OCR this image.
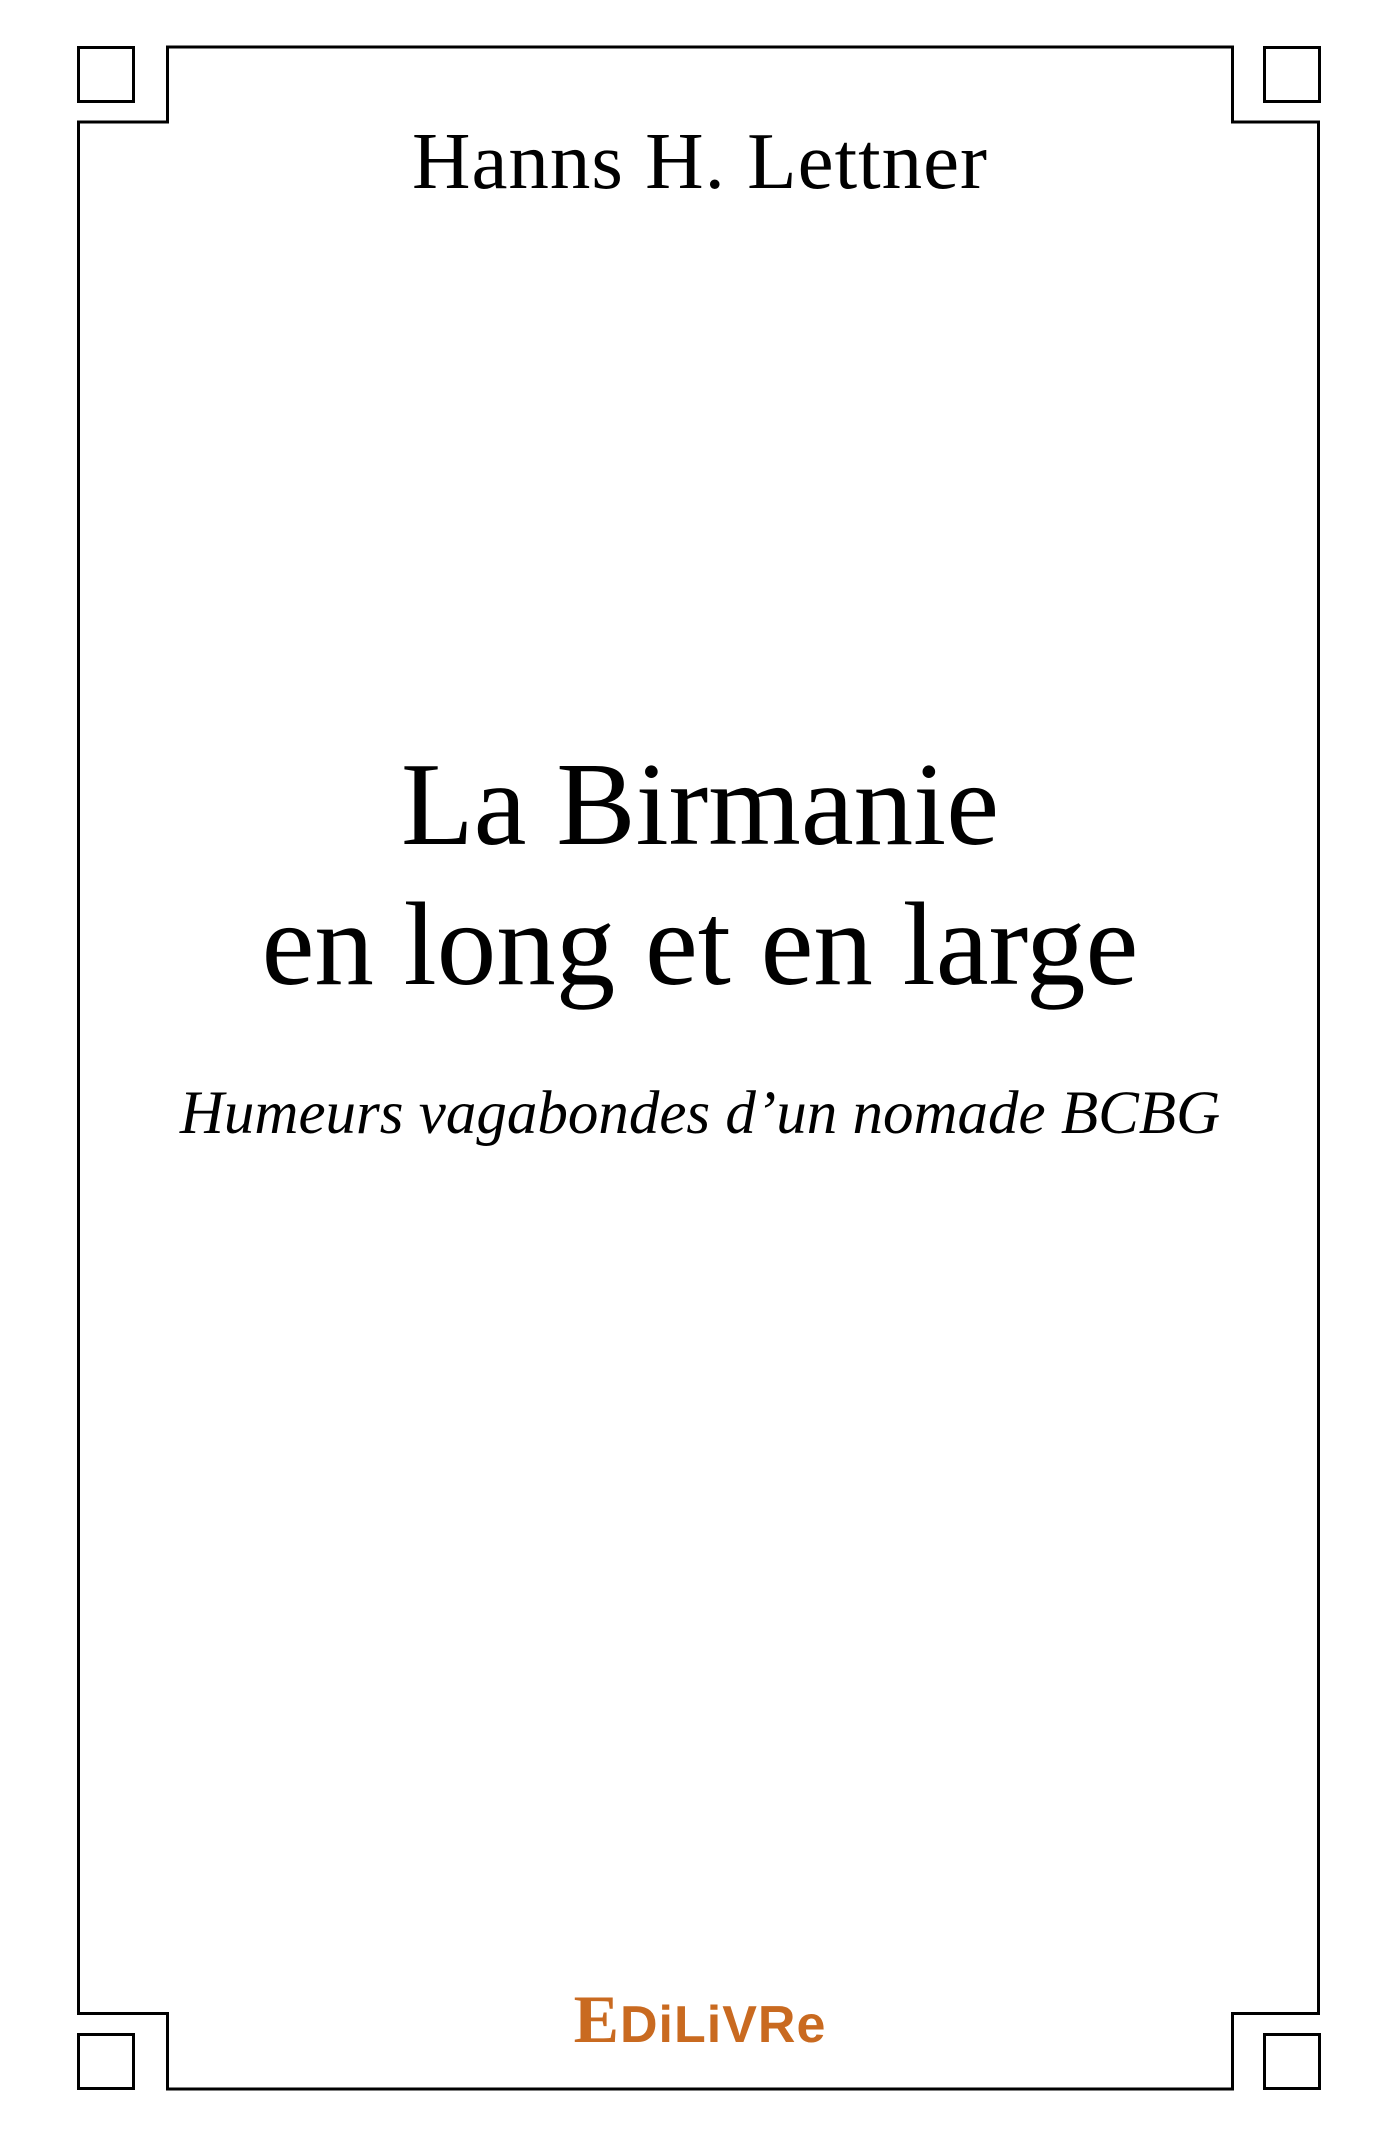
Hanns H. Lettner
La Birmanie
en long et en large
Humeurs vagabondes d’un nomade BCBG
EDiLiVRe
